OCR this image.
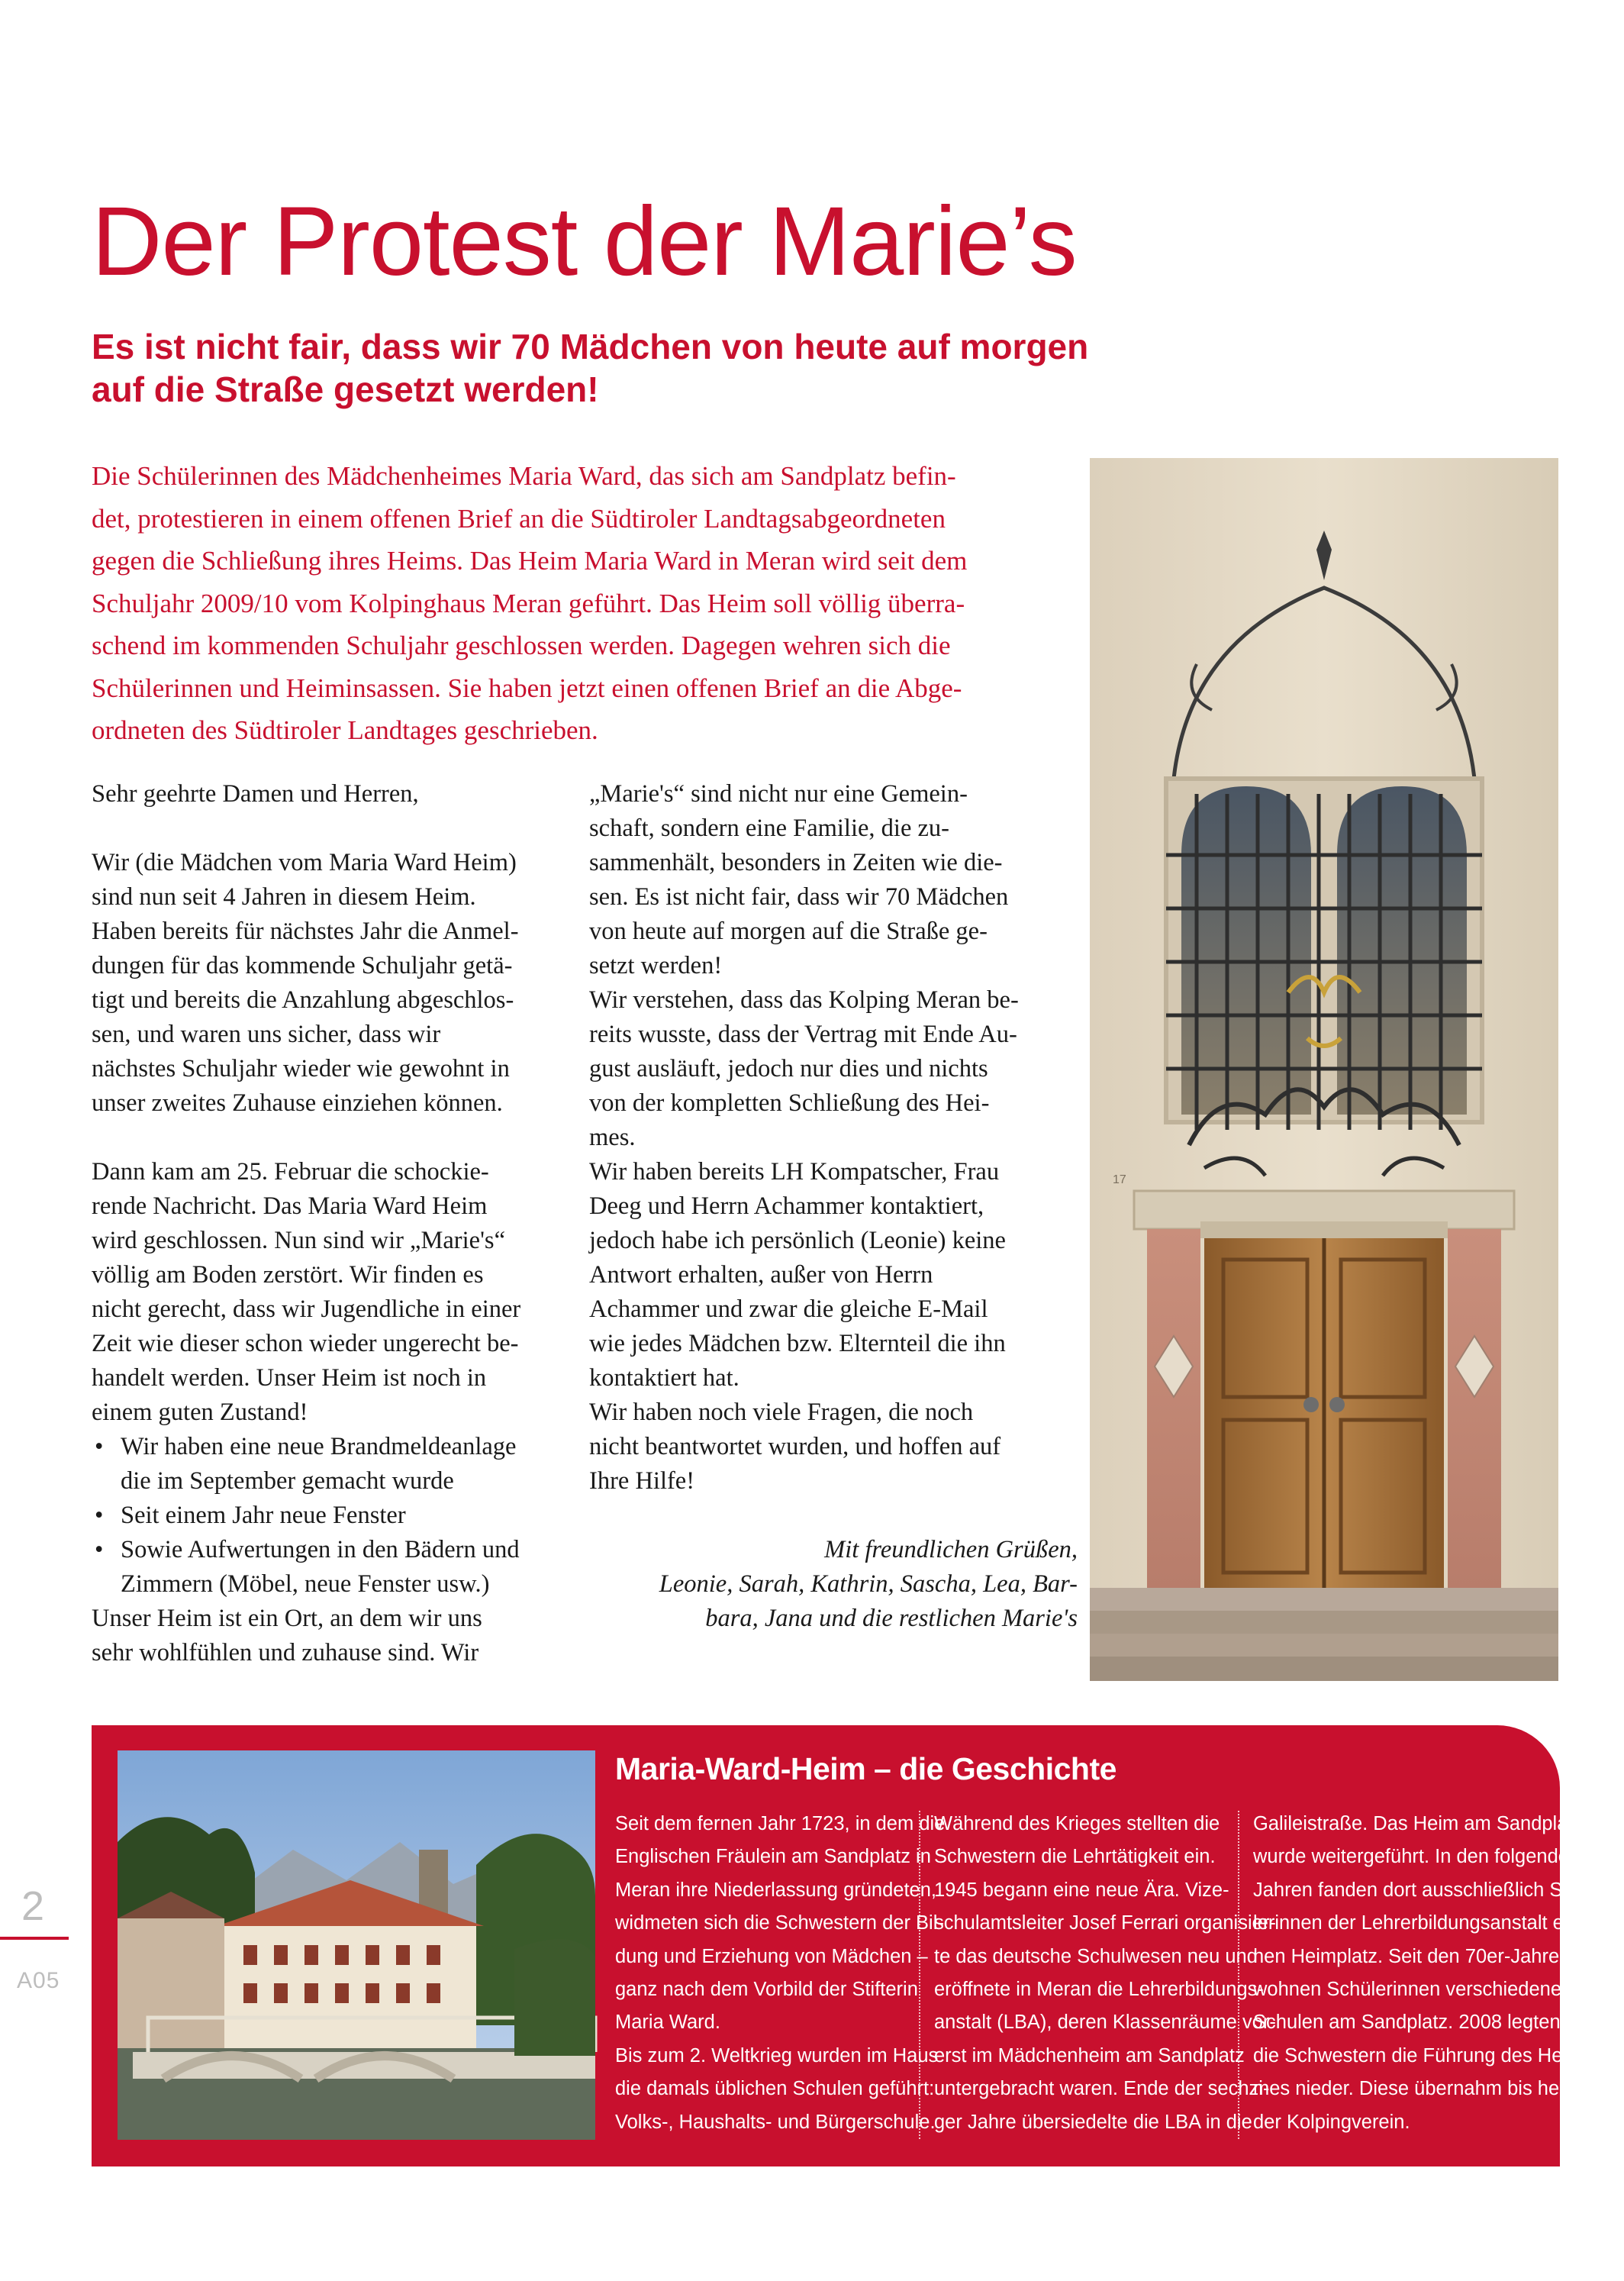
Der Protest der Marie’s
Es ist nicht fair, dass wir 70 Mädchen von heute auf morgen
auf die Straße gesetzt werden!

Die Schülerinnen des Mädchenheimes Maria Ward, das sich am Sandplatz befin-
det, protestieren in einem offenen Brief an die Südtiroler Landtagsabgeordneten
gegen die Schließung ihres Heims. Das Heim Maria Ward in Meran wird seit dem
Schuljahr 2009/10 vom Kolpinghaus Meran geführt. Das Heim soll völlig überra-
schend im kommenden Schuljahr geschlossen werden. Dagegen wehren sich die
Schülerinnen und Heiminsassen. Sie haben jetzt einen offenen Brief an die Abge-
ordneten des Südtiroler Landtages geschrieben.

Sehr geehrte Damen und Herren,
Wir (die Mädchen vom Maria Ward Heim)
sind nun seit 4 Jahren in diesem Heim.
Haben bereits für nächstes Jahr die Anmel-
dungen für das kommende Schuljahr getä-
tigt und bereits die Anzahlung abgeschlos-
sen, und waren uns sicher, dass wir
nächstes Schuljahr wieder wie gewohnt in
unser zweites Zuhause einziehen können.
Dann kam am 25. Februar die schockie-
rende Nachricht. Das Maria Ward Heim
wird geschlossen. Nun sind wir „Marie's“
völlig am Boden zerstört. Wir finden es
nicht gerecht, dass wir Jugendliche in einer
Zeit wie dieser schon wieder ungerecht be-
handelt werden. Unser Heim ist noch in
einem guten Zustand!
• Wir haben eine neue Brandmeldeanlage
die im September gemacht wurde
• Seit einem Jahr neue Fenster
• Sowie Aufwertungen in den Bädern und
Zimmern (Möbel, neue Fenster usw.)
Unser Heim ist ein Ort, an dem wir uns
sehr wohlfühlen und zuhause sind. Wir
„Marie's“ sind nicht nur eine Gemein-
schaft, sondern eine Familie, die zu-
sammenhält, besonders in Zeiten wie die-
sen. Es ist nicht fair, dass wir 70 Mädchen
von heute auf morgen auf die Straße ge-
setzt werden!
Wir verstehen, dass das Kolping Meran be-
reits wusste, dass der Vertrag mit Ende Au-
gust ausläuft, jedoch nur dies und nichts
von der kompletten Schließung des Hei-
mes.
Wir haben bereits LH Kompatscher, Frau
Deeg und Herrn Achammer kontaktiert,
jedoch habe ich persönlich (Leonie) keine
Antwort erhalten, außer von Herrn
Achammer und zwar die gleiche E-Mail
wie jedes Mädchen bzw. Elternteil die ihn
kontaktiert hat.
Wir haben noch viele Fragen, die noch
nicht beantwortet wurden, und hoffen auf
Ihre Hilfe!
Mit freundlichen Grüßen,
Leonie, Sarah, Kathrin, Sascha, Lea, Bar-
bara, Jana und die restlichen Marie's
17
2
A05
Maria-Ward-Heim – die Geschichte
Seit dem fernen Jahr 1723, in dem die
Englischen Fräulein am Sandplatz in
Meran ihre Niederlassung gründeten,
widmeten sich die Schwestern der Bil-
dung und Erziehung von Mädchen –
ganz nach dem Vorbild der Stifterin
Maria Ward.
Bis zum 2. Weltkrieg wurden im Haus
die damals üblichen Schulen geführt:
Volks-, Haushalts- und Bürgerschule.
Während des Krieges stellten die
Schwestern die Lehrtätigkeit ein.
1945 begann eine neue Ära. Vize-
schulamtsleiter Josef Ferrari organisier-
te das deutsche Schulwesen neu und
eröffnete in Meran die Lehrerbildungs-
anstalt (LBA), deren Klassenräume vor-
erst im Mädchenheim am Sandplatz
untergebracht waren. Ende der sechzi-
ger Jahre übersiedelte die LBA in die
Galileistraße. Das Heim am Sandplatz
wurde weitergeführt. In den folgenden
Jahren fanden dort ausschließlich Schü-
lerinnen der Lehrerbildungsanstalt ei-
nen Heimplatz. Seit den 70er-Jahren
wohnen Schülerinnen verschiedener
Schulen am Sandplatz. 2008 legten
die Schwestern die Führung des Hei-
mes nieder. Diese übernahm bis heute
der Kolpingverein.
